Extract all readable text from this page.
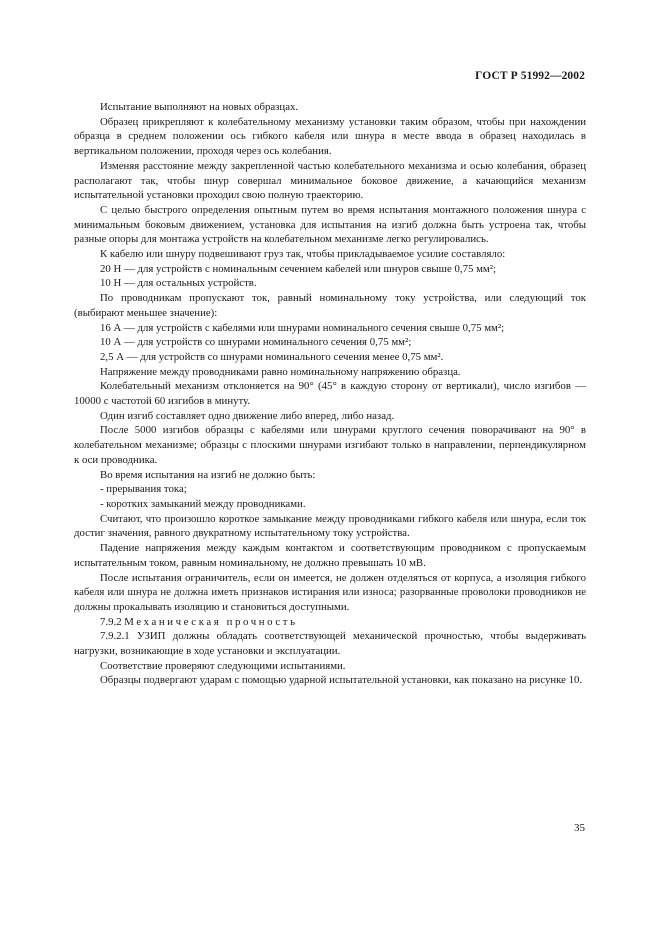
ГОСТ Р 51992—2002

Испытание выполняют на новых образцах.

Образец прикрепляют к колебательному механизму установки таким образом, чтобы при нахождении образца в среднем положении ось гибкого кабеля или шнура в месте ввода в образец находилась в вертикальном положении, проходя через ось колебания.

Изменяя расстояние между закрепленной частью колебательного механизма и осью колебания, образец располагают так, чтобы шнур совершал минимальное боковое движение, а качающийся механизм испытательной установки проходил свою полную траекторию.

С целью быстрого определения опытным путем во время испытания монтажного положения шнура с минимальным боковым движением, установка для испытания на изгиб должна быть устроена так, чтобы разные опоры для монтажа устройств на колебательном механизме легко регулировались.

К кабелю или шнуру подвешивают груз так, чтобы прикладываемое усилие составляло:

20 Н — для устройств с номинальным сечением кабелей или шнуров свыше 0,75 мм²;

10 Н — для остальных устройств.

По проводникам пропускают ток, равный номинальному току устройства, или следующий ток (выбирают меньшее значение):

16 А — для устройств с кабелями или шнурами номинального сечения свыше 0,75 мм²;

10 А — для устройств со шнурами номинального сечения 0,75 мм²;

2,5 А — для устройств со шнурами номинального сечения менее 0,75 мм².

Напряжение между проводниками равно номинальному напряжению образца.

Колебательный механизм отклоняется на 90° (45° в каждую сторону от вертикали), число изгибов — 10000 с частотой 60 изгибов в минуту.

Один изгиб составляет одно движение либо вперед, либо назад.

После 5000 изгибов образцы с кабелями или шнурами круглого сечения поворачивают на 90° в колебательном механизме; образцы с плоскими шнурами изгибают только в направлении, перпендикулярном к оси проводника.

Во время испытания на изгиб не должно быть:

- прерывания тока;

- коротких замыканий между проводниками.

Считают, что произошло короткое замыкание между проводниками гибкого кабеля или шнура, если ток достиг значения, равного двукратному испытательному току устройства.

Падение напряжения между каждым контактом и соответствующим проводником с пропускаемым испытательным током, равным номинальному, не должно превышать 10 мВ.

После испытания ограничитель, если он имеется, не должен отделяться от корпуса, а изоляция гибкого кабеля или шнура не должна иметь признаков истирания или износа; разорванные проволоки проводников не должны прокалывать изоляцию и становиться доступными.

7.9.2 Механическая прочность

7.9.2.1 УЗИП должны обладать соответствующей механической прочностью, чтобы выдерживать нагрузки, возникающие в ходе установки и эксплуатации.

Соответствие проверяют следующими испытаниями.

Образцы подвергают ударам с помощью ударной испытательной установки, как показано на рисунке 10.

35
